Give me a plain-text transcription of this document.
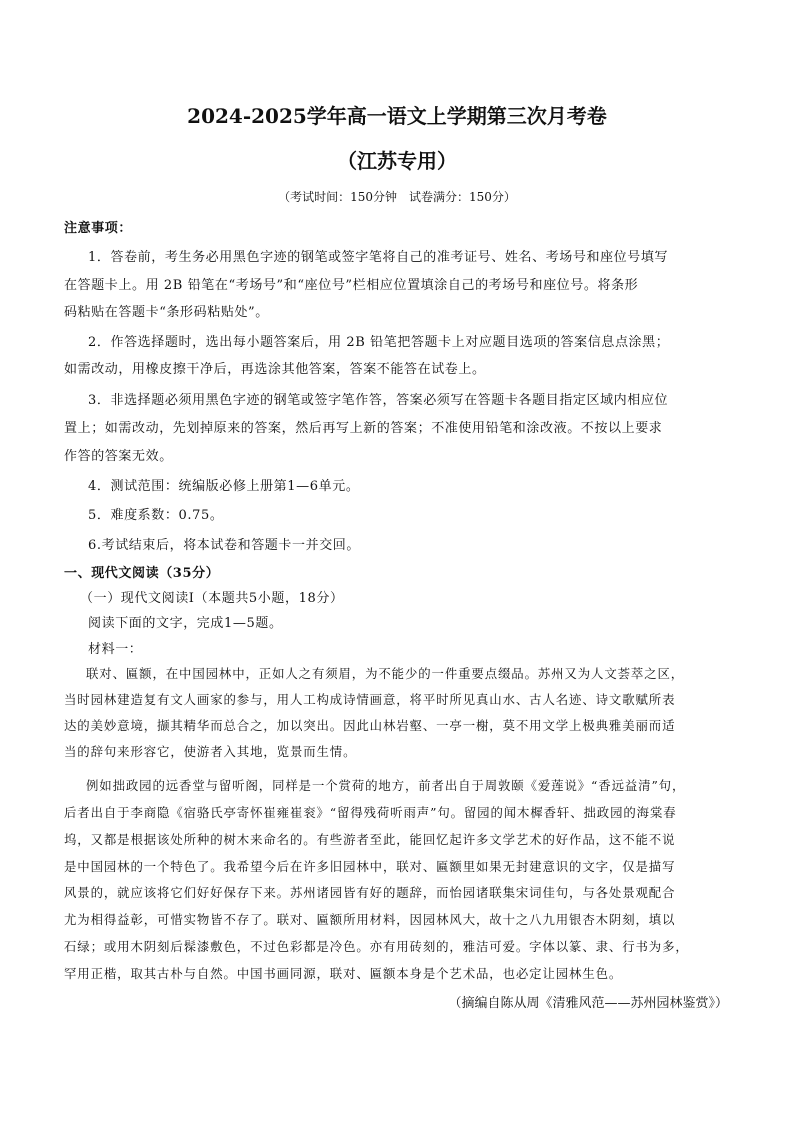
2024-2025学年高一语文上学期第三次月考卷
（江苏专用）
（考试时间：150分钟　试卷满分：150分）
注意事项：
1．答卷前，考生务必用黑色字迹的钢笔或签字笔将自己的准考证号、姓名、考场号和座位号填写
在答题卡上。用 2B 铅笔在“考场号”和“座位号”栏相应位置填涂自己的考场号和座位号。将条形
码粘贴在答题卡“条形码粘贴处”。
2．作答选择题时，选出每小题答案后，用 2B 铅笔把答题卡上对应题目选项的答案信息点涂黑；
如需改动，用橡皮擦干净后，再选涂其他答案，答案不能答在试卷上。
3．非选择题必须用黑色字迹的钢笔或签字笔作答，答案必须写在答题卡各题目指定区域内相应位
置上；如需改动，先划掉原来的答案，然后再写上新的答案；不准使用铅笔和涂改液。不按以上要求
作答的答案无效。
4．测试范围：统编版必修上册第1—6单元。
5．难度系数：0.75。
6.考试结束后，将本试卷和答题卡一并交回。
一、现代文阅读（35分）
（一）现代文阅读Ⅰ（本题共5小题，18分）
阅读下面的文字，完成1—5题。
材料一：
联对、匾额，在中国园林中，正如人之有须眉，为不能少的一件重要点缀品。苏州又为人文荟萃之区，
当时园林建造复有文人画家的参与，用人工构成诗情画意，将平时所见真山水、古人名迹、诗文歌赋所表
达的美妙意境，撷其精华而总合之，加以突出。因此山林岩壑、一亭一榭，莫不用文学上极典雅美丽而适
当的辞句来形容它，使游者入其地，览景而生情。
例如拙政园的远香堂与留听阁，同样是一个赏荷的地方，前者出自于周敦颐《爱莲说》“香远益清”句，
后者出自于李商隐《宿骆氏亭寄怀崔雍崔衮》“留得残荷听雨声”句。留园的闻木樨香轩、拙政园的海棠春
坞，又都是根据该处所种的树木来命名的。有些游者至此，能回忆起许多文学艺术的好作品，这不能不说
是中国园林的一个特色了。我希望今后在许多旧园林中，联对、匾额里如果无封建意识的文字，仅是描写
风景的，就应该将它们好好保存下来。苏州诸园皆有好的题辞，而怡园诸联集宋词佳句，与各处景观配合
尤为相得益彰，可惜实物皆不存了。联对、匾额所用材料，因园林风大，故十之八九用银杏木阴刻，填以
石绿；或用木阴刻后髹漆敷色，不过色彩都是冷色。亦有用砖刻的，雅洁可爱。字体以篆、隶、行书为多，
罕用正楷，取其古朴与自然。中国书画同源，联对、匾额本身是个艺术品，也必定让园林生色。
（摘编自陈从周《清雅风范——苏州园林鉴赏》）
